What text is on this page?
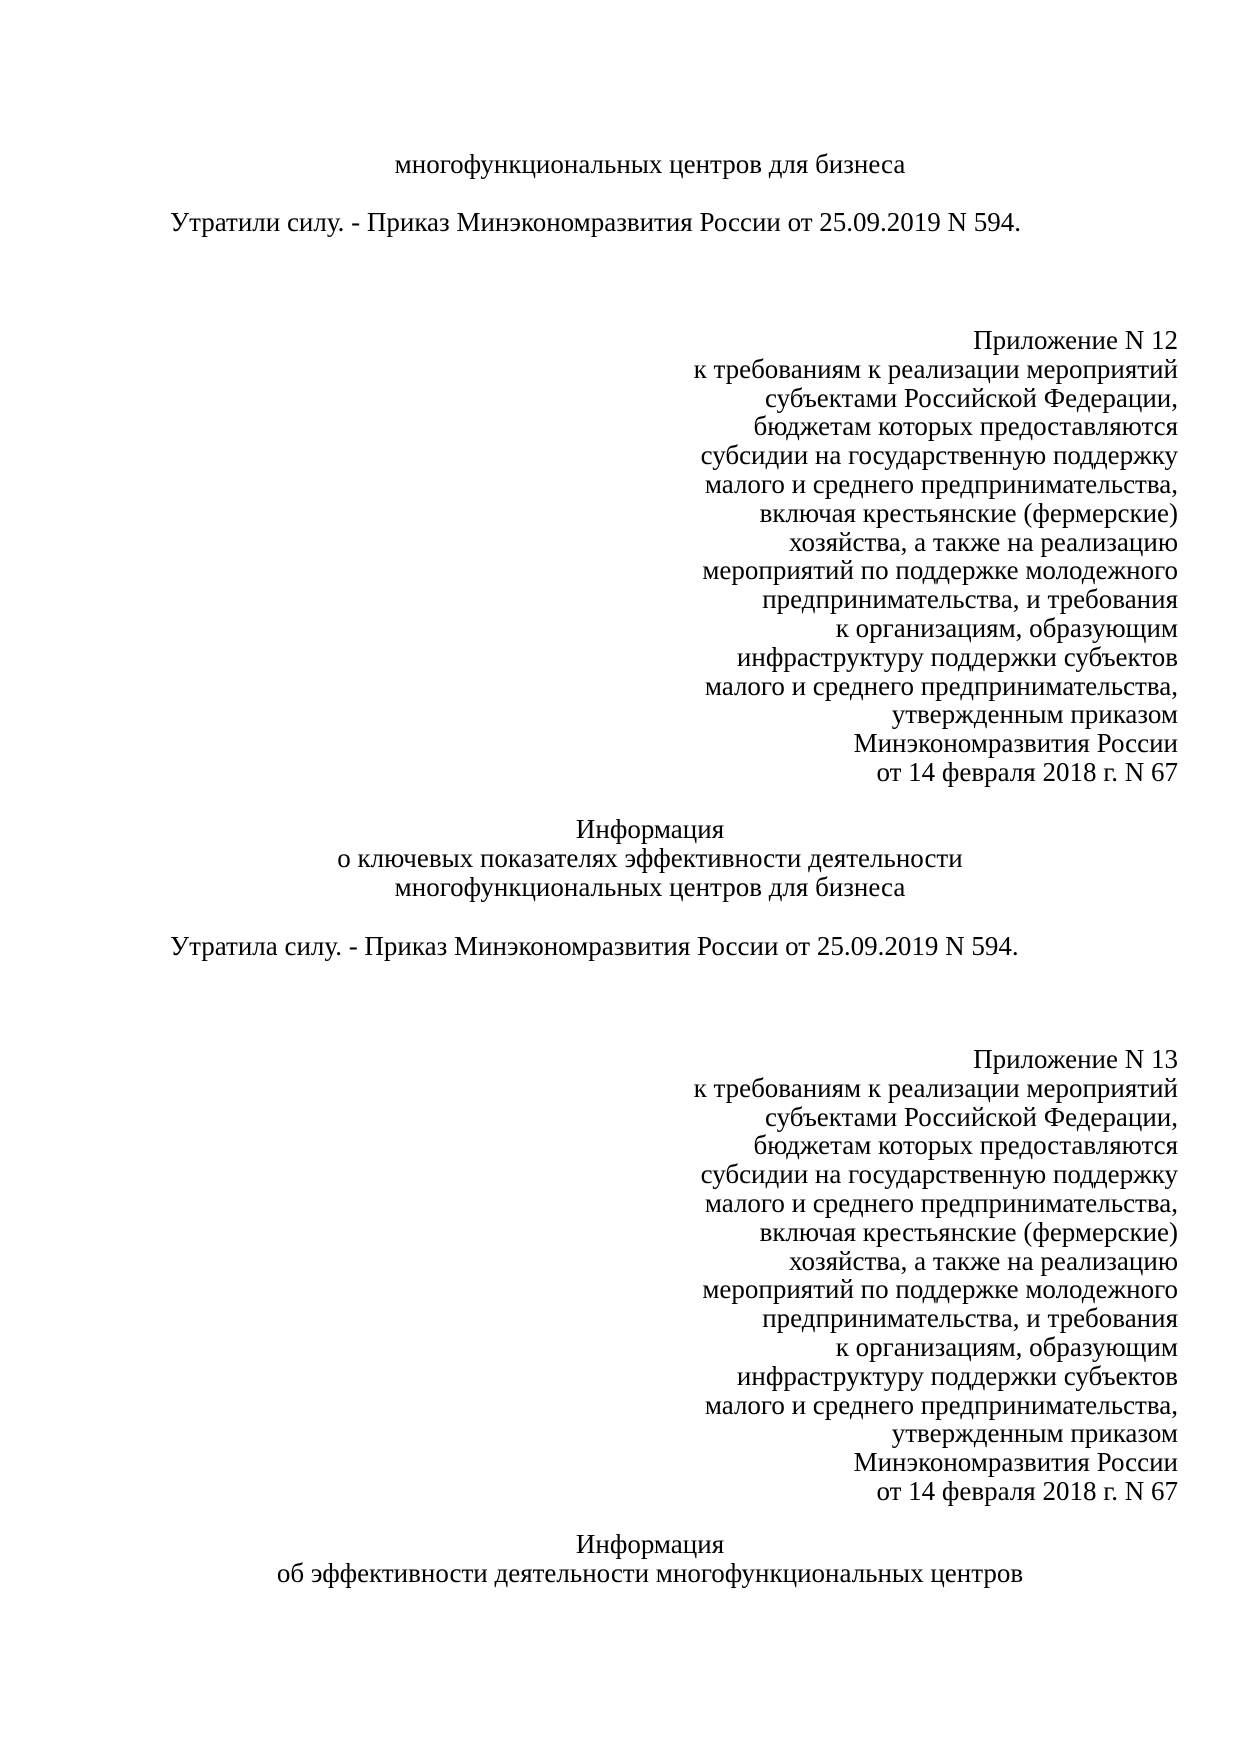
многофункциональных центров для бизнеса
Утратили силу. - Приказ Минэкономразвития России от 25.09.2019 N 594.
Приложение N 12
к требованиям к реализации мероприятий
субъектами Российской Федерации,
бюджетам которых предоставляются
субсидии на государственную поддержку
малого и среднего предпринимательства,
включая крестьянские (фермерские)
хозяйства, а также на реализацию
мероприятий по поддержке молодежного
предпринимательства, и требования
к организациям, образующим
инфраструктуру поддержки субъектов
малого и среднего предпринимательства,
утвержденным приказом
Минэкономразвития России
от 14 февраля 2018 г. N 67
Информация
о ключевых показателях эффективности деятельности
многофункциональных центров для бизнеса
Утратила силу. - Приказ Минэкономразвития России от 25.09.2019 N 594.
Приложение N 13
к требованиям к реализации мероприятий
субъектами Российской Федерации,
бюджетам которых предоставляются
субсидии на государственную поддержку
малого и среднего предпринимательства,
включая крестьянские (фермерские)
хозяйства, а также на реализацию
мероприятий по поддержке молодежного
предпринимательства, и требования
к организациям, образующим
инфраструктуру поддержки субъектов
малого и среднего предпринимательства,
утвержденным приказом
Минэкономразвития России
от 14 февраля 2018 г. N 67
Информация
об эффективности деятельности многофункциональных центров
